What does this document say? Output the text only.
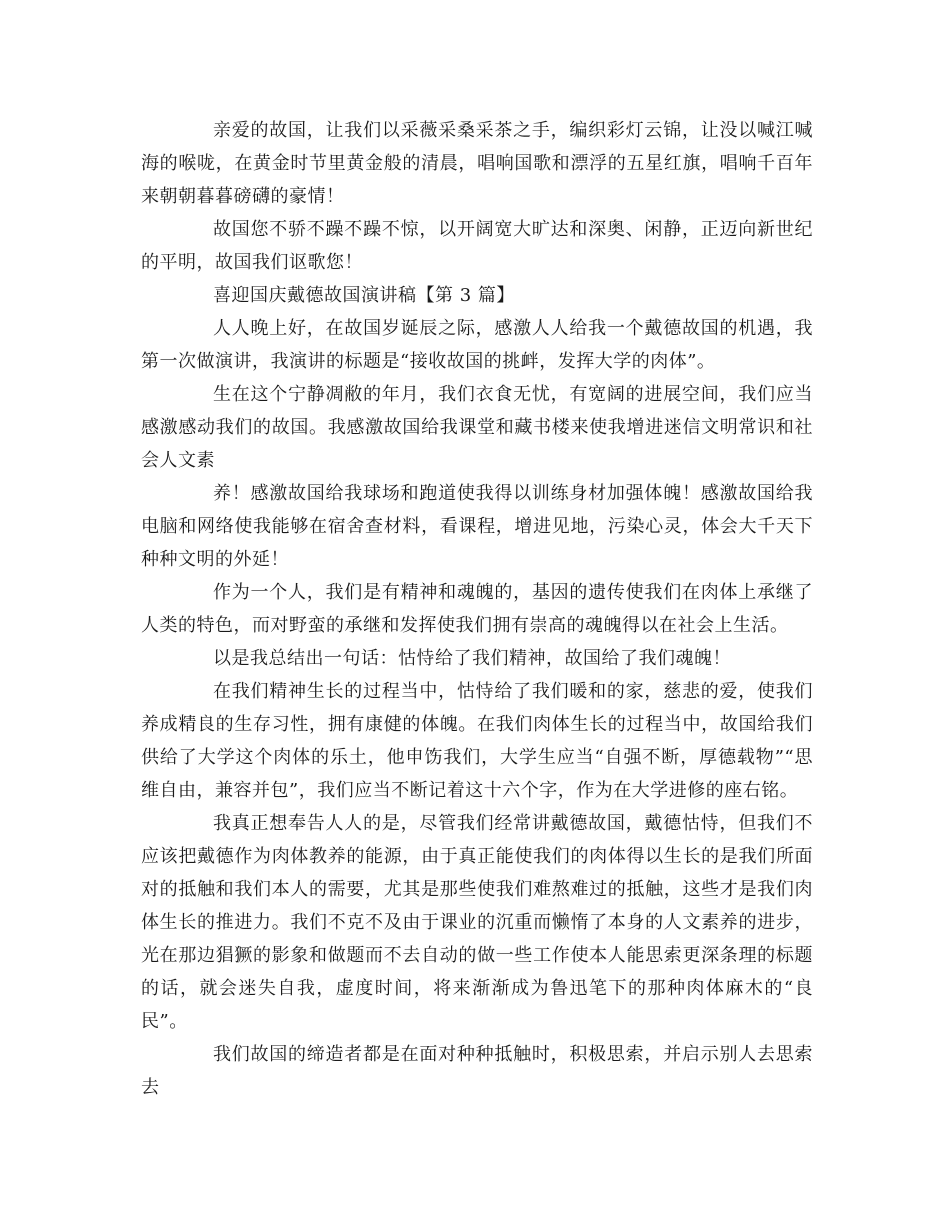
亲爱的故国，让我们以采薇采桑采茶之手，编织彩灯云锦，让没以喊江喊海的喉咙，在黄金时节里黄金般的清晨，唱响国歌和漂浮的五星红旗，唱响千百年来朝朝暮暮磅礴的豪情！

故国您不骄不躁不躁不惊，以开阔宽大旷达和深奥、闲静，正迈向新世纪的平明，故国我们讴歌您！

喜迎国庆戴德故国演讲稿【第 3 篇】

人人晚上好，在故国岁诞辰之际，感激人人给我一个戴德故国的机遇，我第一次做演讲，我演讲的标题是“接收故国的挑衅，发挥大学的肉体”。

生在这个宁静凋敝的年月，我们衣食无忧，有宽阔的进展空间，我们应当感激感动我们的故国。我感激故国给我课堂和藏书楼来使我增进迷信文明常识和社会人文素

养！感激故国给我球场和跑道使我得以训练身材加强体魄！感激故国给我电脑和网络使我能够在宿舍查材料，看课程，增进见地，污染心灵，体会大千天下种种文明的外延！

作为一个人，我们是有精神和魂魄的，基因的遗传使我们在肉体上承继了人类的特色，而对野蛮的承继和发挥使我们拥有崇高的魂魄得以在社会上生活。

以是我总结出一句话：怙恃给了我们精神，故国给了我们魂魄！

在我们精神生长的过程当中，怙恃给了我们暖和的家，慈悲的爱，使我们养成精良的生存习性，拥有康健的体魄。在我们肉体生长的过程当中，故国给我们供给了大学这个肉体的乐土，他申饬我们，大学生应当“自强不断，厚德载物”“思维自由，兼容并包”，我们应当不断记着这十六个字，作为在大学进修的座右铭。

我真正想奉告人人的是，尽管我们经常讲戴德故国，戴德怙恃，但我们不应该把戴德作为肉体教养的能源，由于真正能使我们的肉体得以生长的是我们所面对的抵触和我们本人的需要，尤其是那些使我们难熬难过的抵触，这些才是我们肉体生长的推进力。我们不克不及由于课业的沉重而懒惰了本身的人文素养的进步，光在那边猖獗的影象和做题而不去自动的做一些工作使本人能思索更深条理的标题的话，就会迷失自我，虚度时间，将来渐渐成为鲁迅笔下的那种肉体麻木的“良民”。

我们故国的缔造者都是在面对种种抵触时，积极思索，并启示别人去思索去
